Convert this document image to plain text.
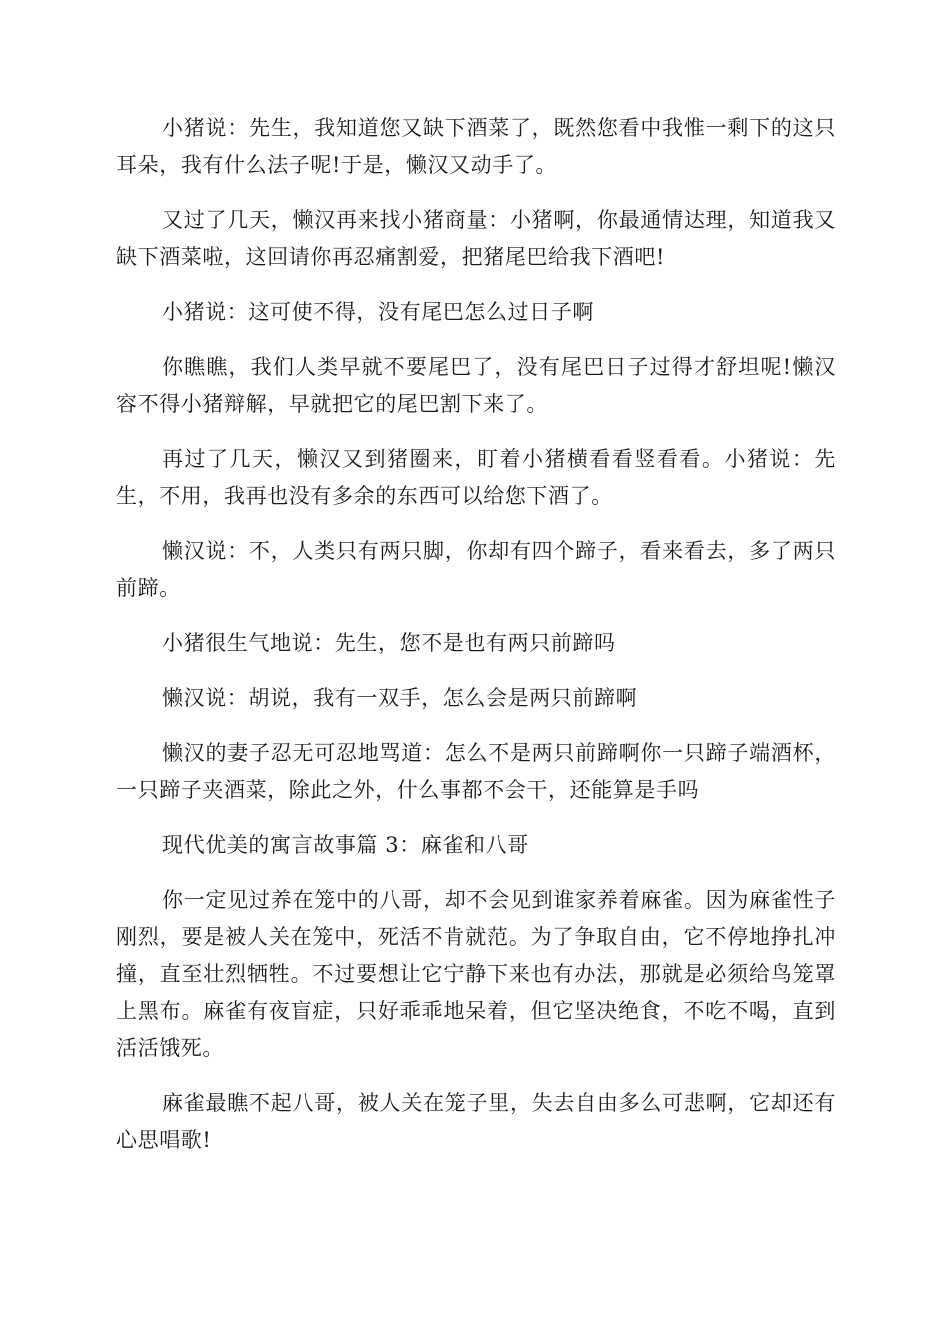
小猪说：先生，我知道您又缺下酒菜了，既然您看中我惟一剩下的这只耳朵，我有什么法子呢!于是，懒汉又动手了。

又过了几天，懒汉再来找小猪商量：小猪啊，你最通情达理，知道我又缺下酒菜啦，这回请你再忍痛割爱，把猪尾巴给我下酒吧!

小猪说：这可使不得，没有尾巴怎么过日子啊

你瞧瞧，我们人类早就不要尾巴了，没有尾巴日子过得才舒坦呢!懒汉容不得小猪辩解，早就把它的尾巴割下来了。

再过了几天，懒汉又到猪圈来，盯着小猪横看看竖看看。小猪说：先生，不用，我再也没有多余的东西可以给您下酒了。

懒汉说：不，人类只有两只脚，你却有四个蹄子，看来看去，多了两只前蹄。

小猪很生气地说：先生，您不是也有两只前蹄吗

懒汉说：胡说，我有一双手，怎么会是两只前蹄啊

懒汉的妻子忍无可忍地骂道：怎么不是两只前蹄啊你一只蹄子端酒杯，一只蹄子夹酒菜，除此之外，什么事都不会干，还能算是手吗

现代优美的寓言故事篇 3：麻雀和八哥

你一定见过养在笼中的八哥，却不会见到谁家养着麻雀。因为麻雀性子刚烈，要是被人关在笼中，死活不肯就范。为了争取自由，它不停地挣扎冲撞，直至壮烈牺牲。不过要想让它宁静下来也有办法，那就是必须给鸟笼罩上黑布。麻雀有夜盲症，只好乖乖地呆着，但它坚决绝食，不吃不喝，直到活活饿死。

麻雀最瞧不起八哥，被人关在笼子里，失去自由多么可悲啊，它却还有心思唱歌!
